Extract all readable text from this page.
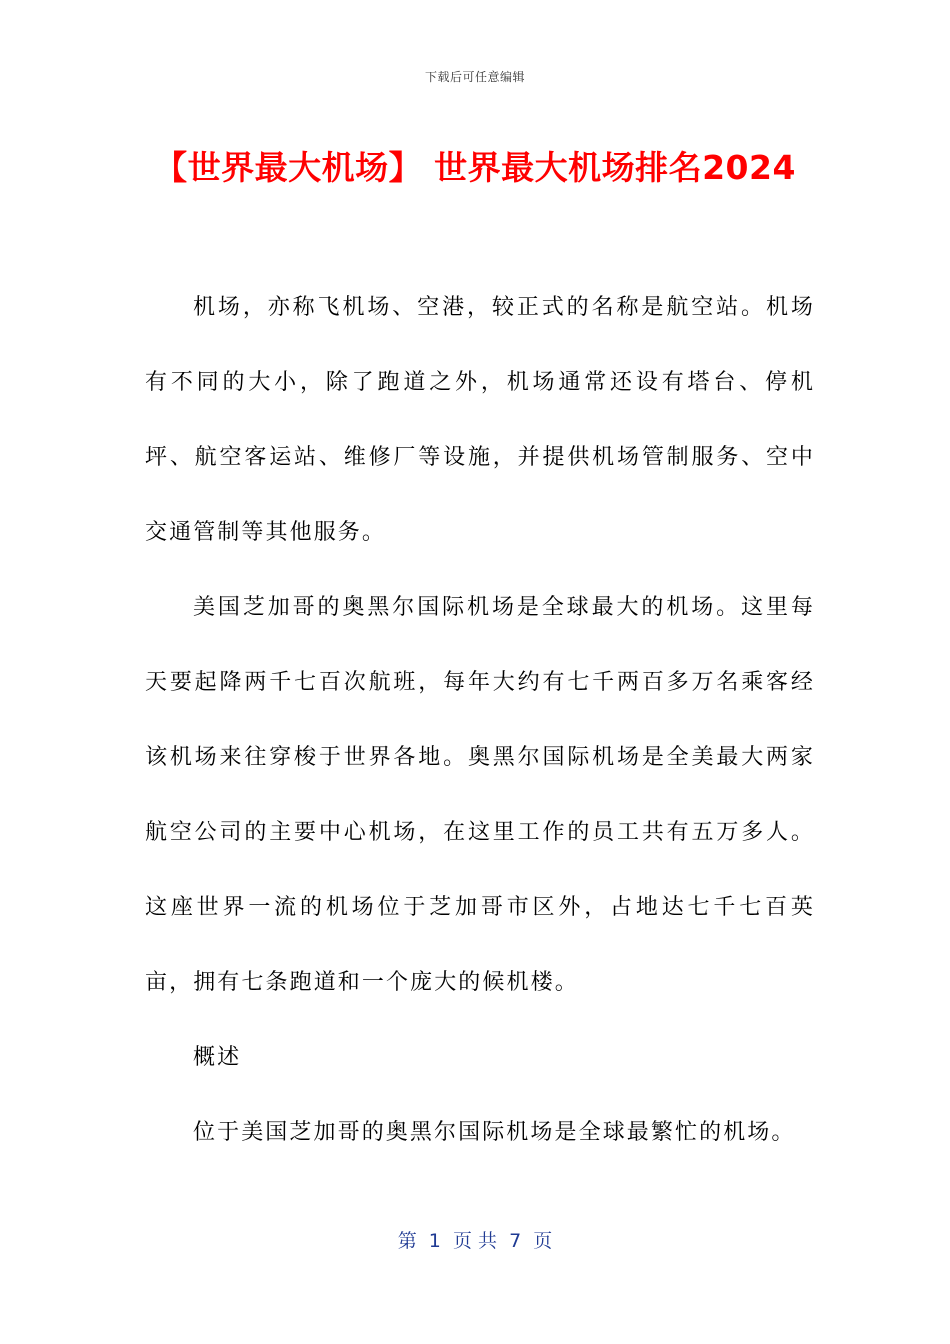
下载后可任意编辑
【世界最大机场】 世界最大机场排名2024

机场，亦称飞机场、空港，较正式的名称是航空站。机场有不同的大小，除了跑道之外，机场通常还设有塔台、停机坪、航空客运站、维修厂等设施，并提供机场管制服务、空中交通管制等其他服务。

美国芝加哥的奥黑尔国际机场是全球最大的机场。这里每天要起降两千七百次航班，每年大约有七千两百多万名乘客经该机场来往穿梭于世界各地。奥黑尔国际机场是全美最大两家航空公司的主要中心机场，在这里工作的员工共有五万多人。这座世界一流的机场位于芝加哥市区外，占地达七千七百英亩，拥有七条跑道和一个庞大的候机楼。

概述

位于美国芝加哥的奥黑尔国际机场是全球最繁忙的机场。

第  1  页 共  7  页
